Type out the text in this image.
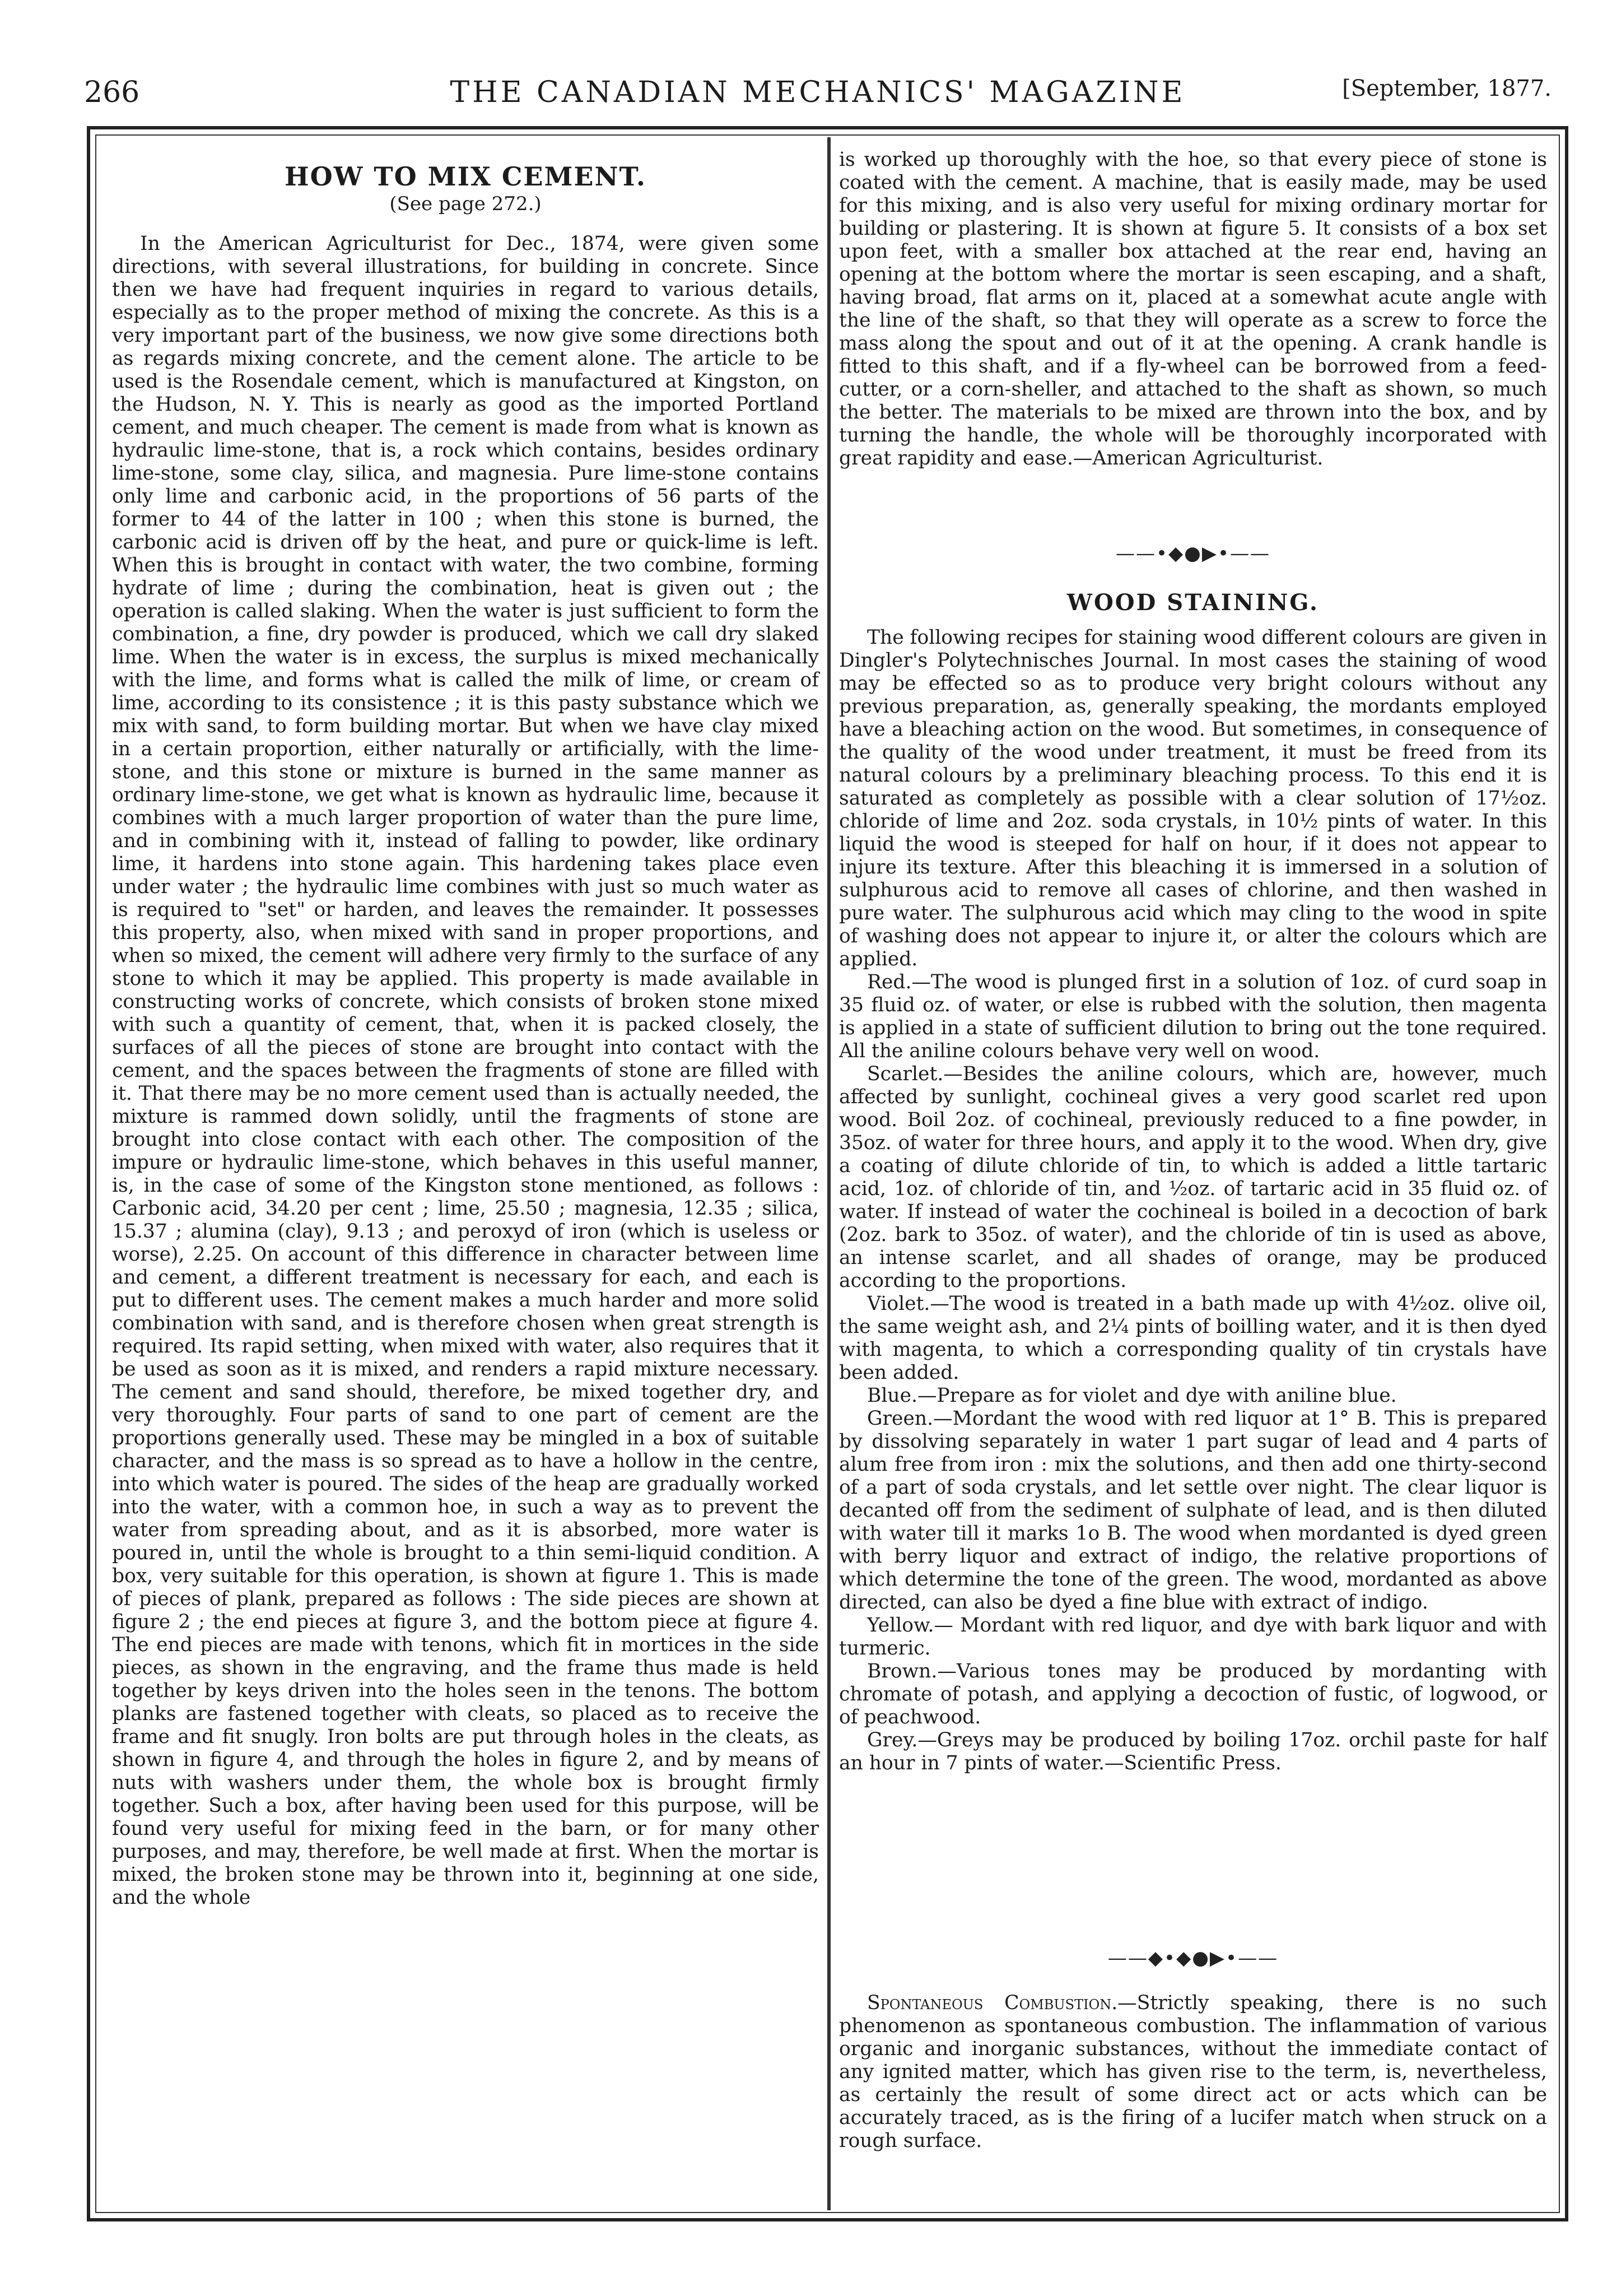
266	THE CANADIAN MECHANICS' MAGAZINE	[September, 1877.
HOW TO MIX CEMENT.
(See page 272.)

In the American Agriculturist for Dec., 1874, were given some directions, with several illustrations, for building in concrete. Since then we have had frequent inquiries in regard to various details, especially as to the proper method of mixing the concrete. As this is a very important part of the business, we now give some directions both as regards mixing concrete, and the cement alone. The article to be used is the Rosendale cement, which is manufactured at Kingston, on the Hudson, N. Y. This is nearly as good as the imported Portland cement, and much cheaper. The cement is made from what is known as hydraulic lime-stone, that is, a rock which contains, besides ordinary lime-stone, some clay, silica, and magnesia. Pure lime-stone contains only lime and carbonic acid, in the proportions of 56 parts of the former to 44 of the latter in 100 ; when this stone is burned, the carbonic acid is driven off by the heat, and pure or quick-lime is left. When this is brought in contact with water, the two combine, forming hydrate of lime ; during the combination, heat is given out ; the operation is called slaking. When the water is just sufficient to form the combination, a fine, dry powder is produced, which we call dry slaked lime. When the water is in excess, the surplus is mixed mechanically with the lime, and forms what is called the milk of lime, or cream of lime, according to its consistence ; it is this pasty substance which we mix with sand, to form building mortar. But when we have clay mixed in a certain proportion, either naturally or artificially, with the lime-stone, and this stone or mixture is burned in the same manner as ordinary lime-stone, we get what is known as hydraulic lime, because it combines with a much larger proportion of water than the pure lime, and in combining with it, instead of falling to powder, like ordinary lime, it hardens into stone again. This hardening takes place even under water ; the hydraulic lime combines with just so much water as is required to "set" or harden, and leaves the remainder. It possesses this property, also, when mixed with sand in proper proportions, and when so mixed, the cement will adhere very firmly to the surface of any stone to which it may be applied. This property is made available in constructing works of concrete, which consists of broken stone mixed with such a quantity of cement, that, when it is packed closely, the surfaces of all the pieces of stone are brought into contact with the cement, and the spaces between the fragments of stone are filled with it. That there may be no more cement used than is actually needed, the mixture is rammed down solidly, until the fragments of stone are brought into close contact with each other. The composition of the impure or hydraulic lime-stone, which behaves in this useful manner, is, in the case of some of the Kingston stone mentioned, as follows : Carbonic acid, 34.20 per cent ; lime, 25.50 ; magnesia, 12.35 ; silica, 15.37 ; alumina (clay), 9.13 ; and peroxyd of iron (which is useless or worse), 2.25. On account of this difference in character between lime and cement, a different treatment is necessary for each, and each is put to different uses. The cement makes a much harder and more solid combination with sand, and is therefore chosen when great strength is required. Its rapid setting, when mixed with water, also requires that it be used as soon as it is mixed, and renders a rapid mixture necessary. The cement and sand should, therefore, be mixed together dry, and very thoroughly. Four parts of sand to one part of cement are the proportions generally used. These may be mingled in a box of suitable character, and the mass is so spread as to have a hollow in the centre, into which water is poured. The sides of the heap are gradually worked into the water, with a common hoe, in such a way as to prevent the water from spreading about, and as it is absorbed, more water is poured in, until the whole is brought to a thin semi-liquid condition. A box, very suitable for this operation, is shown at figure 1. This is made of pieces of plank, prepared as follows : The side pieces are shown at figure 2 ; the end pieces at figure 3, and the bottom piece at figure 4. The end pieces are made with tenons, which fit in mortices in the side pieces, as shown in the engraving, and the frame thus made is held together by keys driven into the holes seen in the tenons. The bottom planks are fastened together with cleats, so placed as to receive the frame and fit snugly. Iron bolts are put through holes in the cleats, as shown in figure 4, and through the holes in figure 2, and by means of nuts with washers under them, the whole box is brought firmly together. Such a box, after having been used for this purpose, will be found very useful for mixing feed in the barn, or for many other purposes, and may, therefore, be well made at first. When the mortar is mixed, the broken stone may be thrown into it, beginning at one side, and the whole

is worked up thoroughly with the hoe, so that every piece of stone is coated with the cement. A machine, that is easily made, may be used for this mixing, and is also very useful for mixing ordinary mortar for building or plastering. It is shown at figure 5. It consists of a box set upon feet, with a smaller box attached at the rear end, having an opening at the bottom where the mortar is seen escaping, and a shaft, having broad, flat arms on it, placed at a somewhat acute angle with the line of the shaft, so that they will operate as a screw to force the mass along the spout and out of it at the opening. A crank handle is fitted to this shaft, and if a fly-wheel can be borrowed from a feed-cutter, or a corn-sheller, and attached to the shaft as shown, so much the better. The materials to be mixed are thrown into the box, and by turning the handle, the whole will be thoroughly incorporated with great rapidity and ease.—American Agriculturist.

——•◆●▶•——
WOOD STAINING.

The following recipes for staining wood different colours are given in Dingler's Polytechnisches Journal. In most cases the staining of wood may be effected so as to produce very bright colours without any previous preparation, as, generally speaking, the mordants employed have a bleaching action on the wood. But sometimes, in consequence of the quality of the wood under treatment, it must be freed from its natural colours by a preliminary bleaching process. To this end it is saturated as completely as possible with a clear solution of 17½oz. chloride of lime and 2oz. soda crystals, in 10½ pints of water. In this liquid the wood is steeped for half on hour, if it does not appear to injure its texture. After this bleaching it is immersed in a solution of sulphurous acid to remove all cases of chlorine, and then washed in pure water. The sulphurous acid which may cling to the wood in spite of washing does not appear to injure it, or alter the colours which are applied.

Red.—The wood is plunged first in a solution of 1oz. of curd soap in 35 fluid oz. of water, or else is rubbed with the solution, then magenta is applied in a state of sufficient dilution to bring out the tone required. All the aniline colours behave very well on wood.

Scarlet.—Besides the aniline colours, which are, however, much affected by sunlight, cochineal gives a very good scarlet red upon wood. Boil 2oz. of cochineal, previously reduced to a fine powder, in 35oz. of water for three hours, and apply it to the wood. When dry, give a coating of dilute chloride of tin, to which is added a little tartaric acid, 1oz. of chloride of tin, and ½oz. of tartaric acid in 35 fluid oz. of water. If instead of water the cochineal is boiled in a decoction of bark (2oz. bark to 35oz. of water), and the chloride of tin is used as above, an intense scarlet, and all shades of orange, may be produced according to the proportions.

Violet.—The wood is treated in a bath made up with 4½oz. olive oil, the same weight ash, and 2¼ pints of boilling water, and it is then dyed with magenta, to which a corresponding quality of tin crystals have been added.

Blue.—Prepare as for violet and dye with aniline blue.

Green.—Mordant the wood with red liquor at 1° B. This is prepared by dissolving separately in water 1 part sugar of lead and 4 parts of alum free from iron : mix the solutions, and then add one thirty-second of a part of soda crystals, and let settle over night. The clear liquor is decanted off from the sediment of sulphate of lead, and is then diluted with water till it marks 1o B. The wood when mordanted is dyed green with berry liquor and extract of indigo, the relative proportions of which determine the tone of the green. The wood, mordanted as above directed, can also be dyed a fine blue with extract of indigo.

Yellow.— Mordant with red liquor, and dye with bark liquor and with turmeric.

Brown.—Various tones may be produced by mordanting with chromate of potash, and applying a decoction of fustic, of logwood, or of peachwood.

Grey.—Greys may be produced by boiling 17oz. orchil paste for half an hour in 7 pints of water.—Scientific Press.

——◆•◆●▶•——

Spontaneous Combustion.—Strictly speaking, there is no such phenomenon as spontaneous combustion. The inflammation of various organic and inorganic substances, without the immediate contact of any ignited matter, which has given rise to the term, is, nevertheless, as certainly the result of some direct act or acts which can be accurately traced, as is the firing of a lucifer match when struck on a rough surface.
